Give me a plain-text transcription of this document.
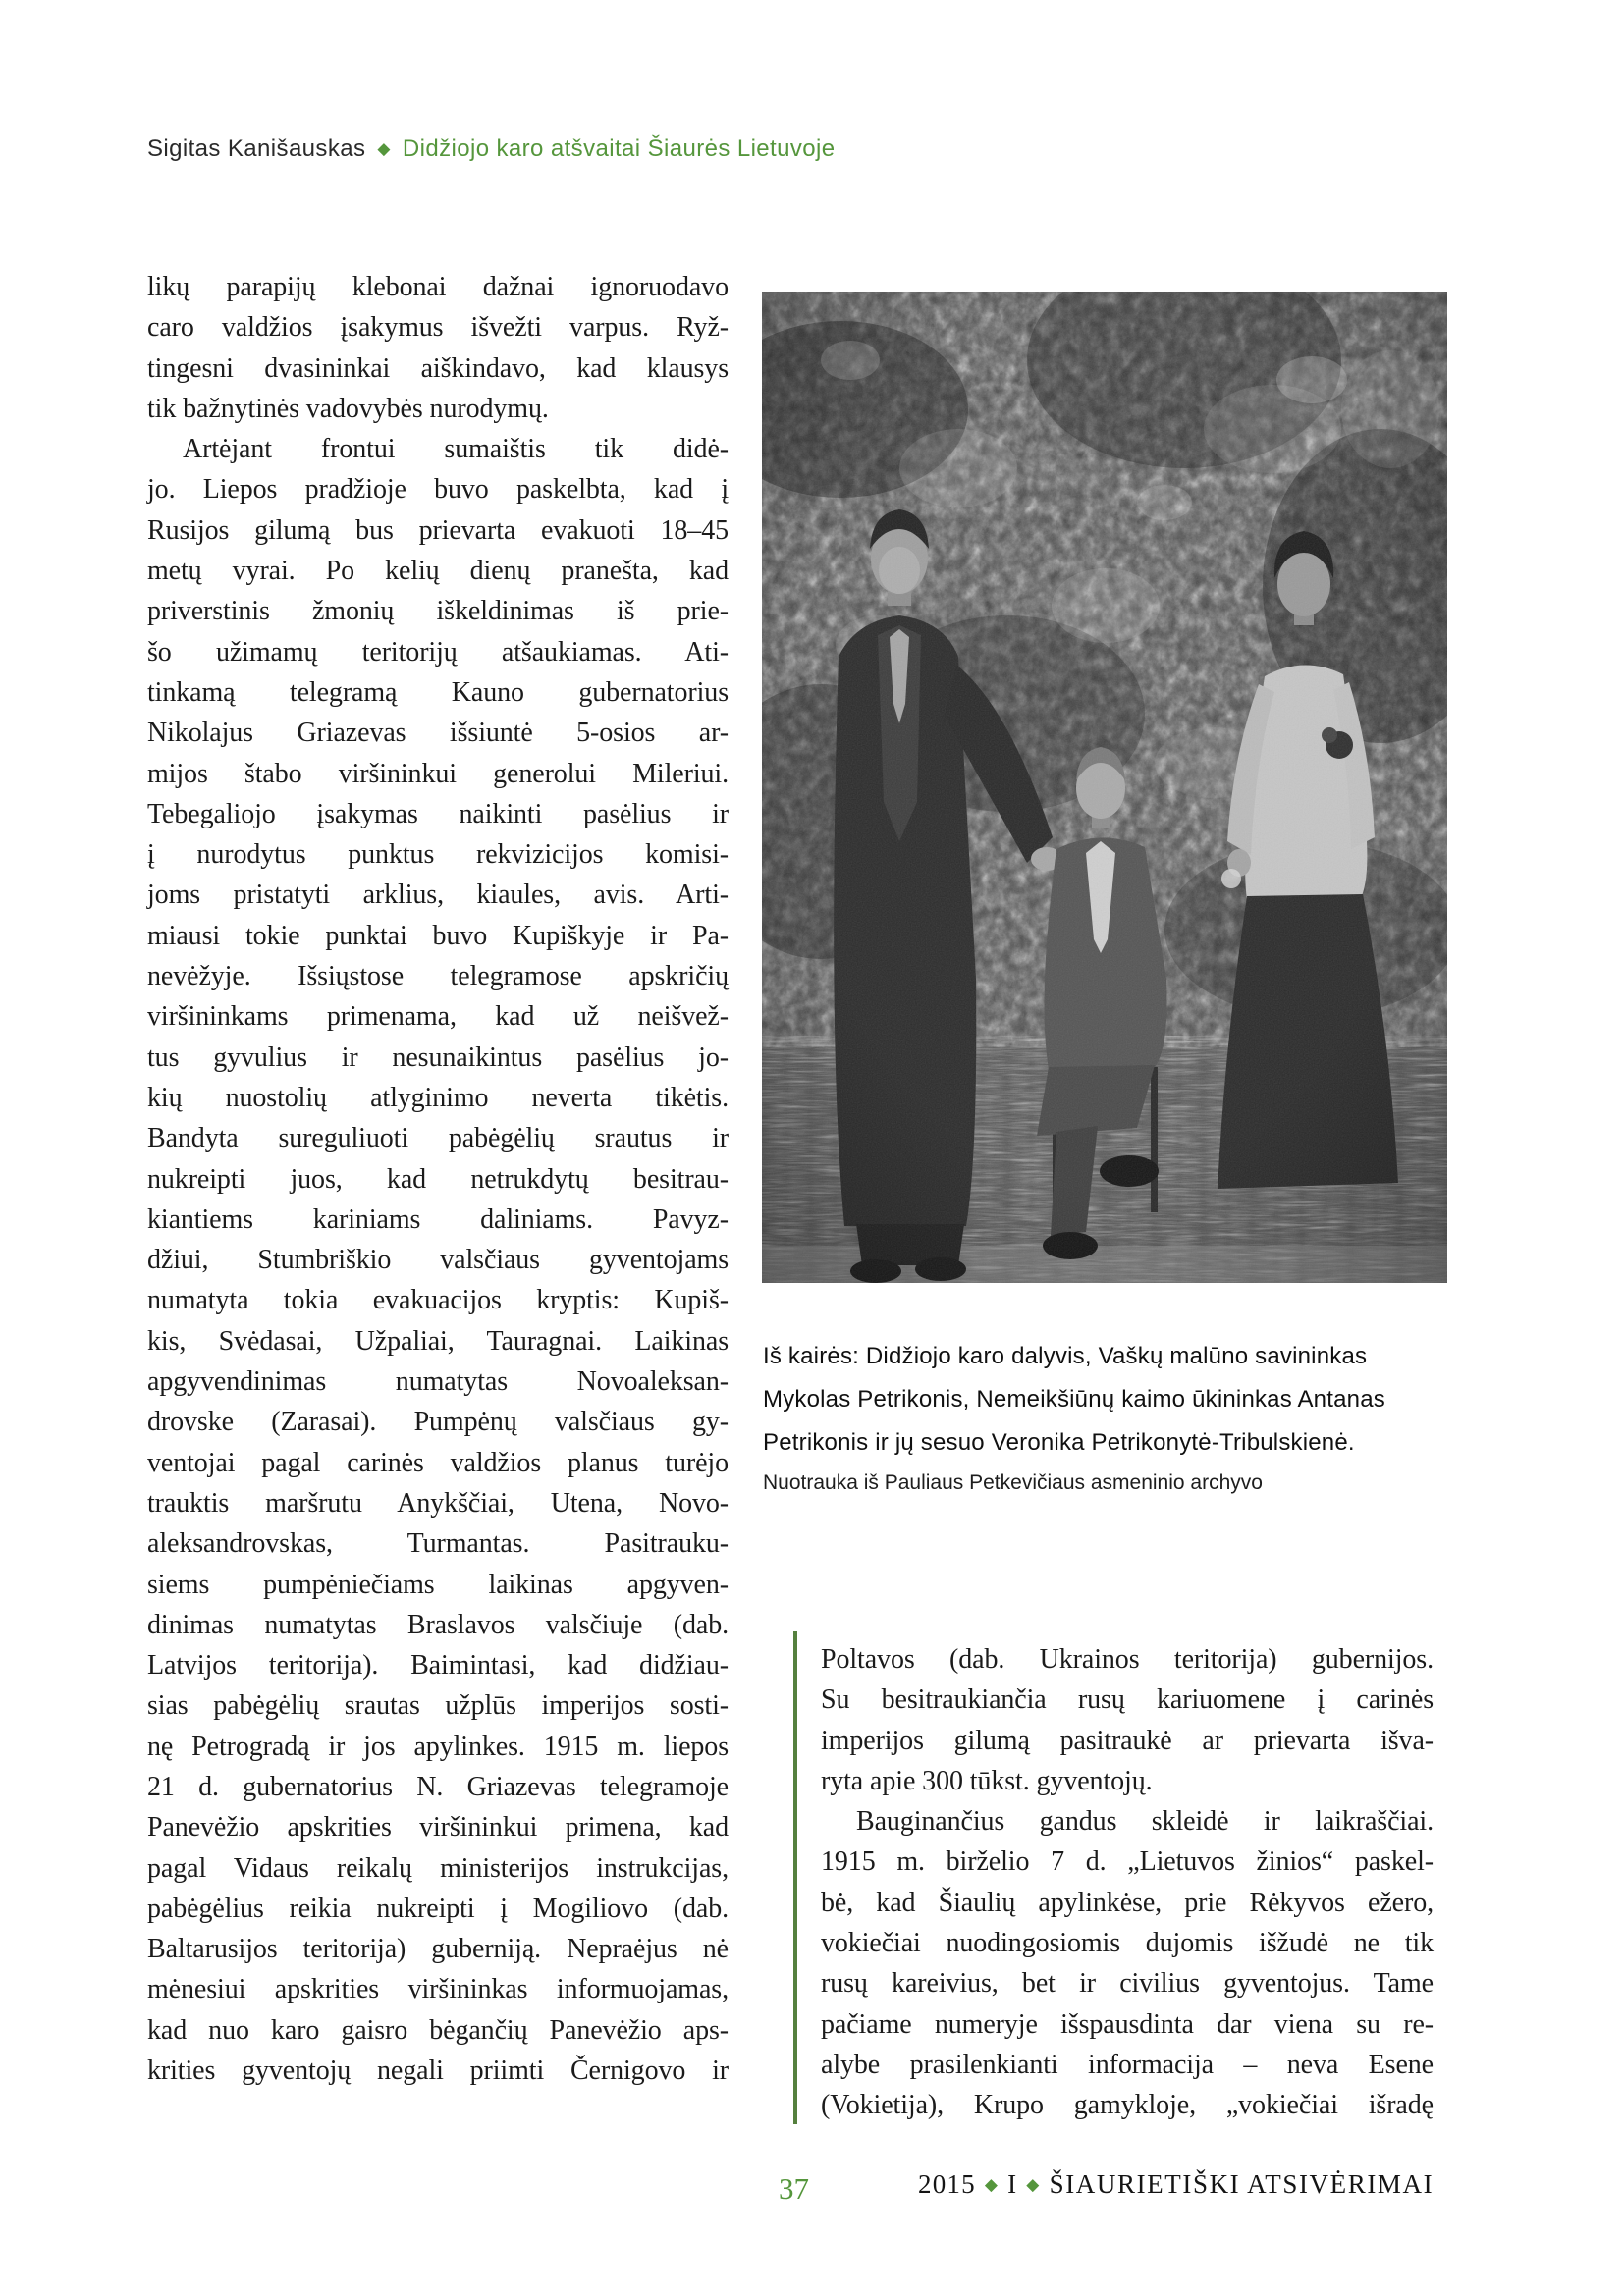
Sigitas Kanišauskas ◆ Didžiojo karo atšvaitai Šiaurės Lietuvoje
likų parapijų klebonai dažnai ignoruodavo
caro valdžios įsakymus išvežti varpus. Ryž-
tingesni dvasininkai aiškindavo, kad klausys
tik bažnytinės vadovybės nurodymų.
Artėjant frontui sumaištis tik didė-
jo. Liepos pradžioje buvo paskelbta, kad į
Rusijos gilumą bus prievarta evakuoti 18–45
metų vyrai. Po kelių dienų pranešta, kad
priverstinis žmonių iškeldinimas iš prie-
šo užimamų teritorijų atšaukiamas. Ati-
tinkamą telegramą Kauno gubernatorius
Nikolajus Griazevas išsiuntė 5-osios ar-
mijos štabo viršininkui generolui Mileriui.
Tebegaliojo įsakymas naikinti pasėlius ir
į nurodytus punktus rekvizicijos komisi-
joms pristatyti arklius, kiaules, avis. Arti-
miausi tokie punktai buvo Kupiškyje ir Pa-
nevėžyje. Išsiųstose telegramose apskričių
viršininkams primenama, kad už neišvež-
tus gyvulius ir nesunaikintus pasėlius jo-
kių nuostolių atlyginimo neverta tikėtis.
Bandyta sureguliuoti pabėgėlių srautus ir
nukreipti juos, kad netrukdytų besitrau-
kiantiems kariniams daliniams. Pavyz-
džiui, Stumbriškio valsčiaus gyventojams
numatyta tokia evakuacijos kryptis: Kupiš-
kis, Svėdasai, Užpaliai, Tauragnai. Laikinas
apgyvendinimas numatytas Novoaleksan-
drovske (Zarasai). Pumpėnų valsčiaus gy-
ventojai pagal carinės valdžios planus turėjo
trauktis maršrutu Anykščiai, Utena, Novo-
aleksandrovskas, Turmantas. Pasitrauku-
siems pumpėniečiams laikinas apgyven-
dinimas numatytas Braslavos valsčiuje (dab.
Latvijos teritorija). Baimintasi, kad didžiau-
sias pabėgėlių srautas užplūs imperijos sosti-
nę Petrogradą ir jos apylinkes. 1915 m. liepos
21 d. gubernatorius N. Griazevas telegramoje
Panevėžio apskrities viršininkui primena, kad
pagal Vidaus reikalų ministerijos instrukcijas,
pabėgėlius reikia nukreipti į Mogiliovo (dab.
Baltarusijos teritorija) guberniją. Nepraėjus nė
mėnesiui apskrities viršininkas informuojamas,
kad nuo karo gaisro bėgančių Panevėžio aps-
krities gyventojų negali priimti Černigovo ir
Iš kairės: Didžiojo karo dalyvis, Vaškų malūno savininkas
Mykolas Petrikonis, Nemeikšiūnų kaimo ūkininkas Antanas
Petrikonis ir jų sesuo Veronika Petrikonytė-Tribulskienė.
Nuotrauka iš Pauliaus Petkevičiaus asmeninio archyvo
Poltavos (dab. Ukrainos teritorija) gubernijos.
Su besitraukiančia rusų kariuomene į carinės
imperijos gilumą pasitraukė ar prievarta išva-
ryta apie 300 tūkst. gyventojų.
Bauginančius gandus skleidė ir laikraščiai.
1915 m. birželio 7 d. „Lietuvos žinios“ paskel-
bė, kad Šiaulių apylinkėse, prie Rėkyvos ežero,
vokiečiai nuodingosiomis dujomis išžudė ne tik
rusų kareivius, bet ir civilius gyventojus. Tame
pačiame numeryje išspausdinta dar viena su re-
alybe prasilenkianti informacija – neva Esene
(Vokietija), Krupo gamykloje, „vokiečiai išradę
37	2015 ◆ I ◆ ŠIAURIETIŠKI ATSIVĖRIMAI
